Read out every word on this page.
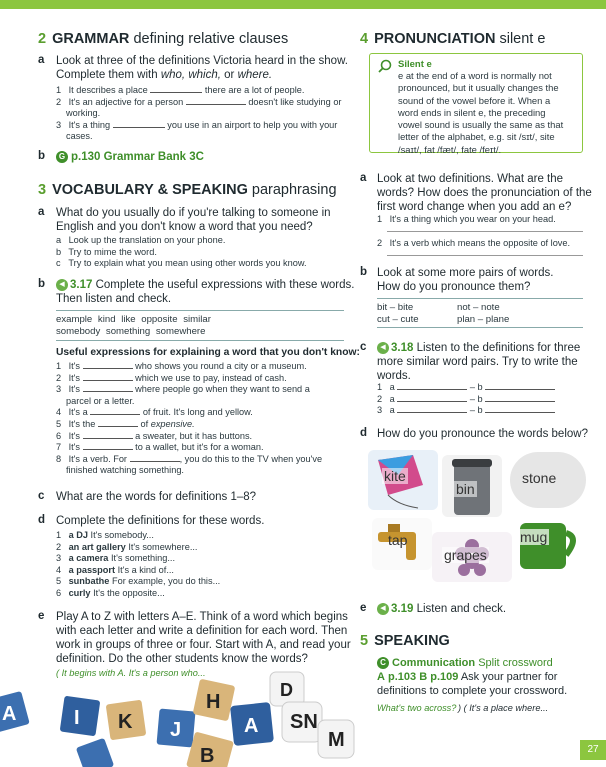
2 GRAMMAR defining relative clauses
a Look at three of the definitions Victoria heard in the show.
Complete them with who, which, or where.
1 It describes a place	there are a lot of people.
2 It's an adjective for a person	doesn't like studying or
working.
3 It's a thing	you use in an airport to help you with your
cases.
b	G p.130 Grammar Bank 3C
3 VOCABULARY & SPEAKING paraphrasing
a What do you usually do if you're talking to someone in
English and you don't know a word that you need?
a Look up the translation on your phone.
b Try to mime the word.
c Try to explain what you mean using other words you know.
b	◀ 3.17 Complete the useful expressions with these words.
Then listen and check.
example kind like opposite similar
somebody something somewhere
Useful expressions for explaining a word that you don't know:
1 It's	who shows you round a city or a museum.
2 It's	which we use to pay, instead of cash.
3 It's	where people go when they want to send a
parcel or a letter.
4 It's a	of fruit. It's long and yellow.
5 It's the	of expensive.
6 It's	a sweater, but it has buttons.
7 It's	to a wallet, but it's for a woman.
8 It's a verb. For	, you do this to the TV when you've
finished watching something.
c What are the words for definitions 1–8?
d Complete the definitions for these words.
1 a DJ It's somebody...
2 an art gallery It's somewhere...
3 a camera It's something...
4 a passport It's a kind of...
5 sunbathe For example, you do this...
6 curly It's the opposite...
e Play A to Z with letters A–E. Think of a word which begins
with each letter and write a definition for each word. Then
work in groups of three or four. Start with A, and read your
definition. Do the other students know the words?
( It begins with A. It's a person who...
A	I K J
H
A
D
SN
M
B
4 PRONUNCIATION silent e
Silent e
e at the end of a word is normally not
pronounced, but it usually changes the
sound of the vowel before it. When a
word ends in silent e, the preceding
vowel sound is usually the same as that
letter of the alphabet, e.g. sit /sɪt/, site
/saɪt/, fat /fæt/, fate /feɪt/.
a Look at two definitions. What are the
words? How does the pronunciation of the
first word change when you add an e?
1 It's a thing which you wear on your head.
2 It's a verb which means the opposite of love.
b Look at some more pairs of words.
How do you pronounce them?
bit – bite	not – note
cut – cute	plan – plane
c	◀ 3.18 Listen to the definitions for three
more similar word pairs. Try to write the
words.
1 a	– b
2 a	– b
3 a	– b
d How do you pronounce the words below?
kite
bin
stone
tap
grapes
mug
e	◀ 3.19 Listen and check.
5 SPEAKING
C Communication Split crossword
A p.103 B p.109 Ask your partner for
definitions to complete your crossword.
What's two across? ) ( It's a place where...
27
